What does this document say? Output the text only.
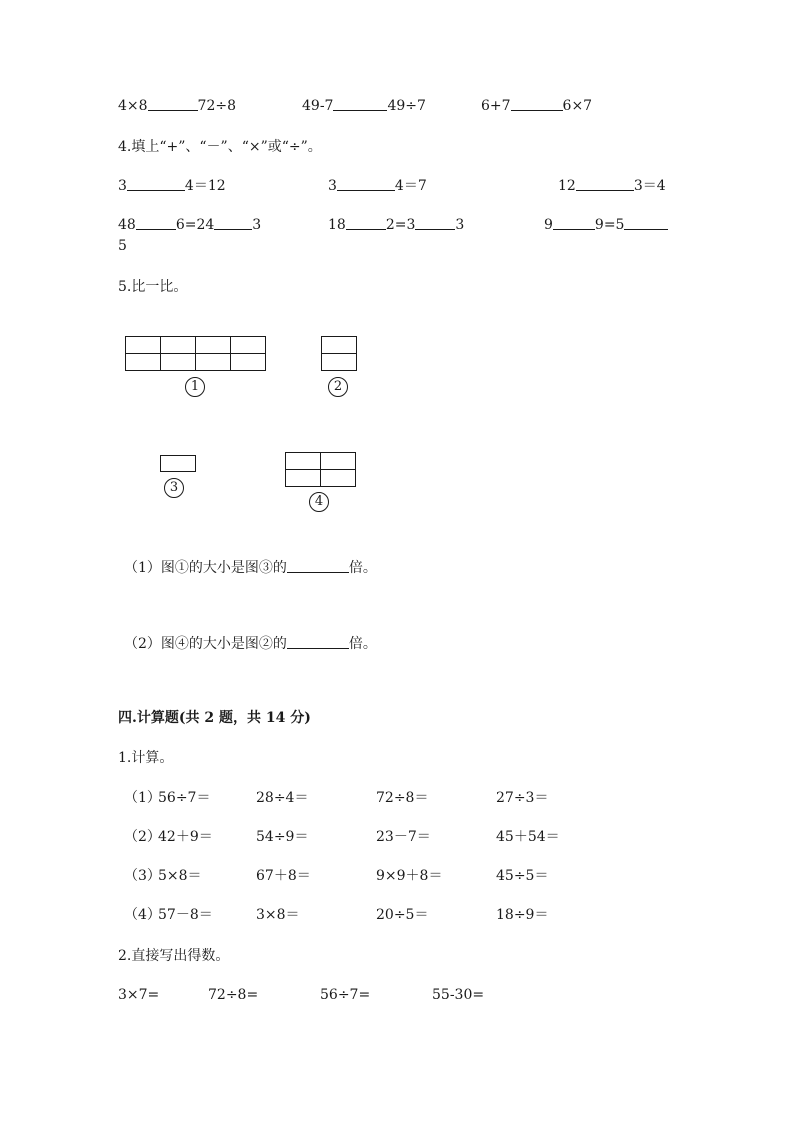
4×8	72÷8	49-7	49÷7	6+7	6×7
4.填上“+”、“－”、“×”或“÷”。
3	4＝12	3	4＝7	12	3＝4
48	6=24	3	18	2=3	3	9	9=5
5
5.比一比。
1	2
3
4
（1）图①的大小是图③的	倍。
（2）图④的大小是图②的	倍。
四.计算题(共 2 题，共 14 分)
1.计算。
（1）
56÷7＝	28÷4＝	72÷8＝	27÷3＝
（2）
42＋9＝	54÷9＝	23－7＝	45＋54＝
（3）
5×8＝	67＋8＝	9×9＋8＝	45÷5＝
（4）
57－8＝	3×8＝	20÷5＝	18÷9＝
2.直接写出得数。
3×7=	72÷8=	56÷7=	55-30=
